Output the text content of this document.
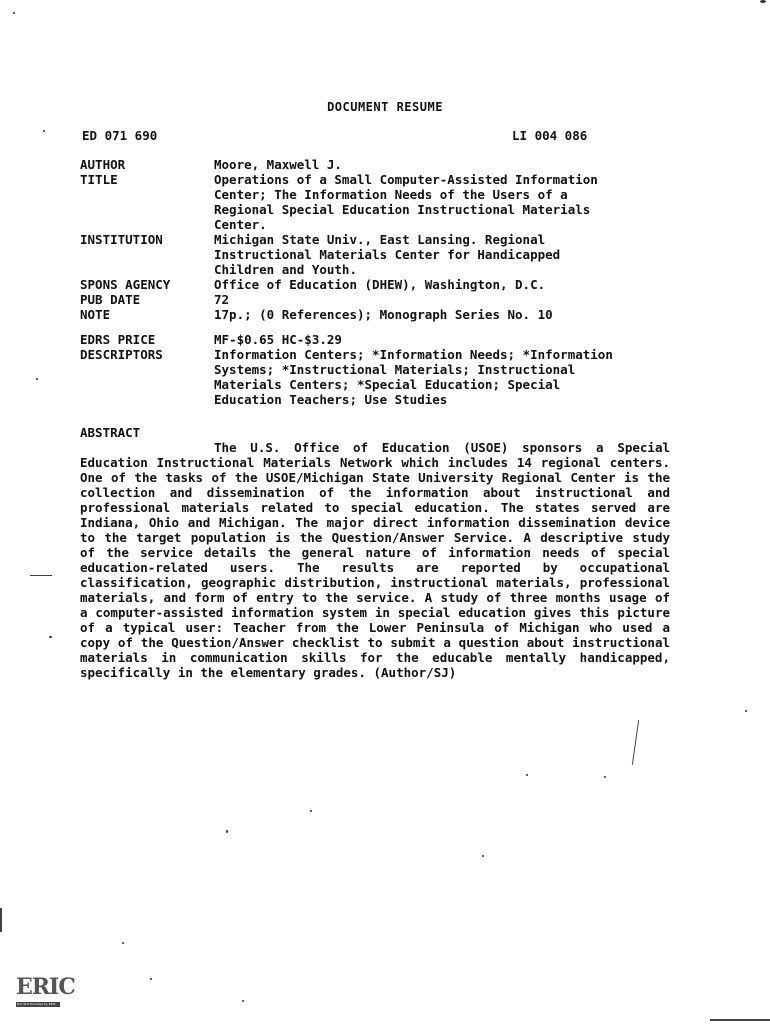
DOCUMENT RESUME
ED 071 690	LI 004 086
AUTHOR	Moore, Maxwell J.
TITLE	Operations of a Small Computer-Assisted Information
Center; The Information Needs of the Users of a
Regional Special Education Instructional Materials
Center.
INSTITUTION	Michigan State Univ., East Lansing. Regional
Instructional Materials Center for Handicapped
Children and Youth.
SPONS AGENCY	Office of Education (DHEW), Washington, D.C.
PUB DATE	72
NOTE	17p.; (0 References); Monograph Series No. 10
EDRS PRICE	MF-$0.65 HC-$3.29
DESCRIPTORS	Information Centers; *Information Needs; *Information
Systems; *Instructional Materials; Instructional
Materials Centers; *Special Education; Special
Education Teachers; Use Studies
ABSTRACT
The U.S. Office of Education (USOE) sponsors a Special Education Instructional Materials Network which includes 14 regional centers. One of the tasks of the USOE/Michigan State University Regional Center is the collection and dissemination of the information about instructional and professional materials related to special education. The states served are Indiana, Ohio and Michigan. The major direct information dissemination device to the target population is the Question/Answer Service. A descriptive study of the service details the general nature of information needs of special education-related users. The results are reported by occupational classification, geographic distribution, instructional materials, professional materials, and form of entry to the service. A study of three months usage of a computer-assisted information system in special education gives this picture of a typical user: Teacher from the Lower Peninsula of Michigan who used a copy of the Question/Answer checklist to submit a question about instructional materials in communication skills for the educable mentally handicapped, specifically in the elementary grades. (Author/SJ)
ERIC
Full Text Provided by ERIC
